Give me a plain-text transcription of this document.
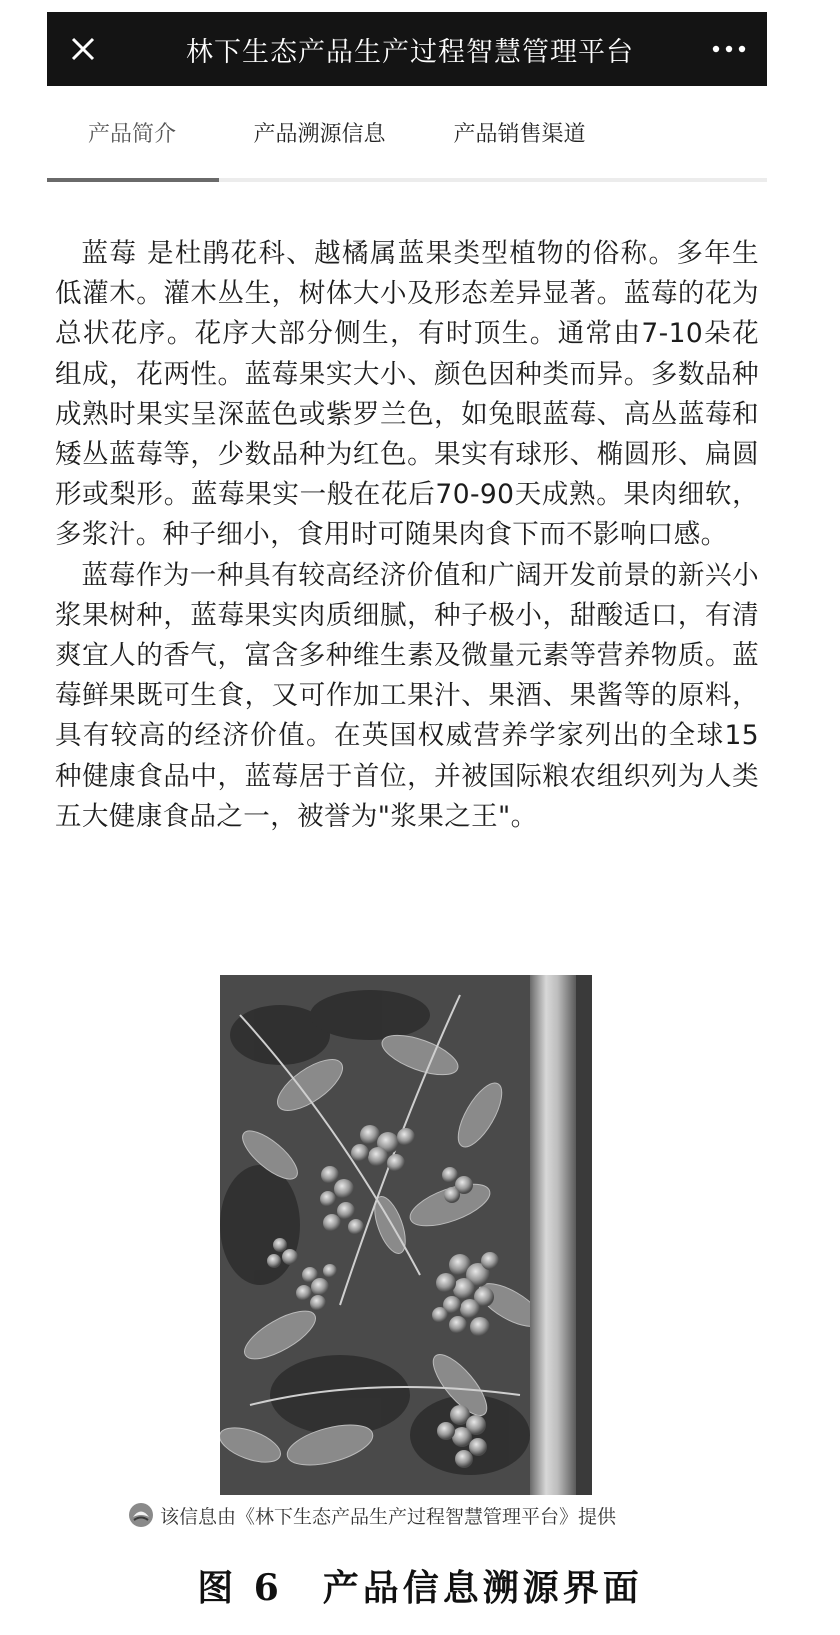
林下生态产品生产过程智慧管理平台
产品简介	产品溯源信息	产品销售渠道

蓝莓 是杜鹃花科、越橘属蓝果类型植物的俗称。多年生低灌木。灌木丛生，树体大小及形态差异显著。蓝莓的花为总状花序。花序大部分侧生，有时顶生。通常由7-10朵花组成，花两性。蓝莓果实大小、颜色因种类而异。多数品种成熟时果实呈深蓝色或紫罗兰色，如兔眼蓝莓、高丛蓝莓和矮丛蓝莓等，少数品种为红色。果实有球形、椭圆形、扁圆形或梨形。蓝莓果实一般在花后70-90天成熟。果肉细软，多浆汁。种子细小，食用时可随果肉食下而不影响口感。

蓝莓作为一种具有较高经济价值和广阔开发前景的新兴小浆果树种，蓝莓果实肉质细腻，种子极小，甜酸适口，有清爽宜人的香气，富含多种维生素及微量元素等营养物质。蓝莓鲜果既可生食，又可作加工果汁、果酒、果酱等的原料，具有较高的经济价值。在英国权威营养学家列出的全球15种健康食品中，蓝莓居于首位，并被国际粮农组织列为人类五大健康食品之一，被誉为"浆果之王"。

该信息由《林下生态产品生产过程智慧管理平台》提供
图 6　产品信息溯源界面
